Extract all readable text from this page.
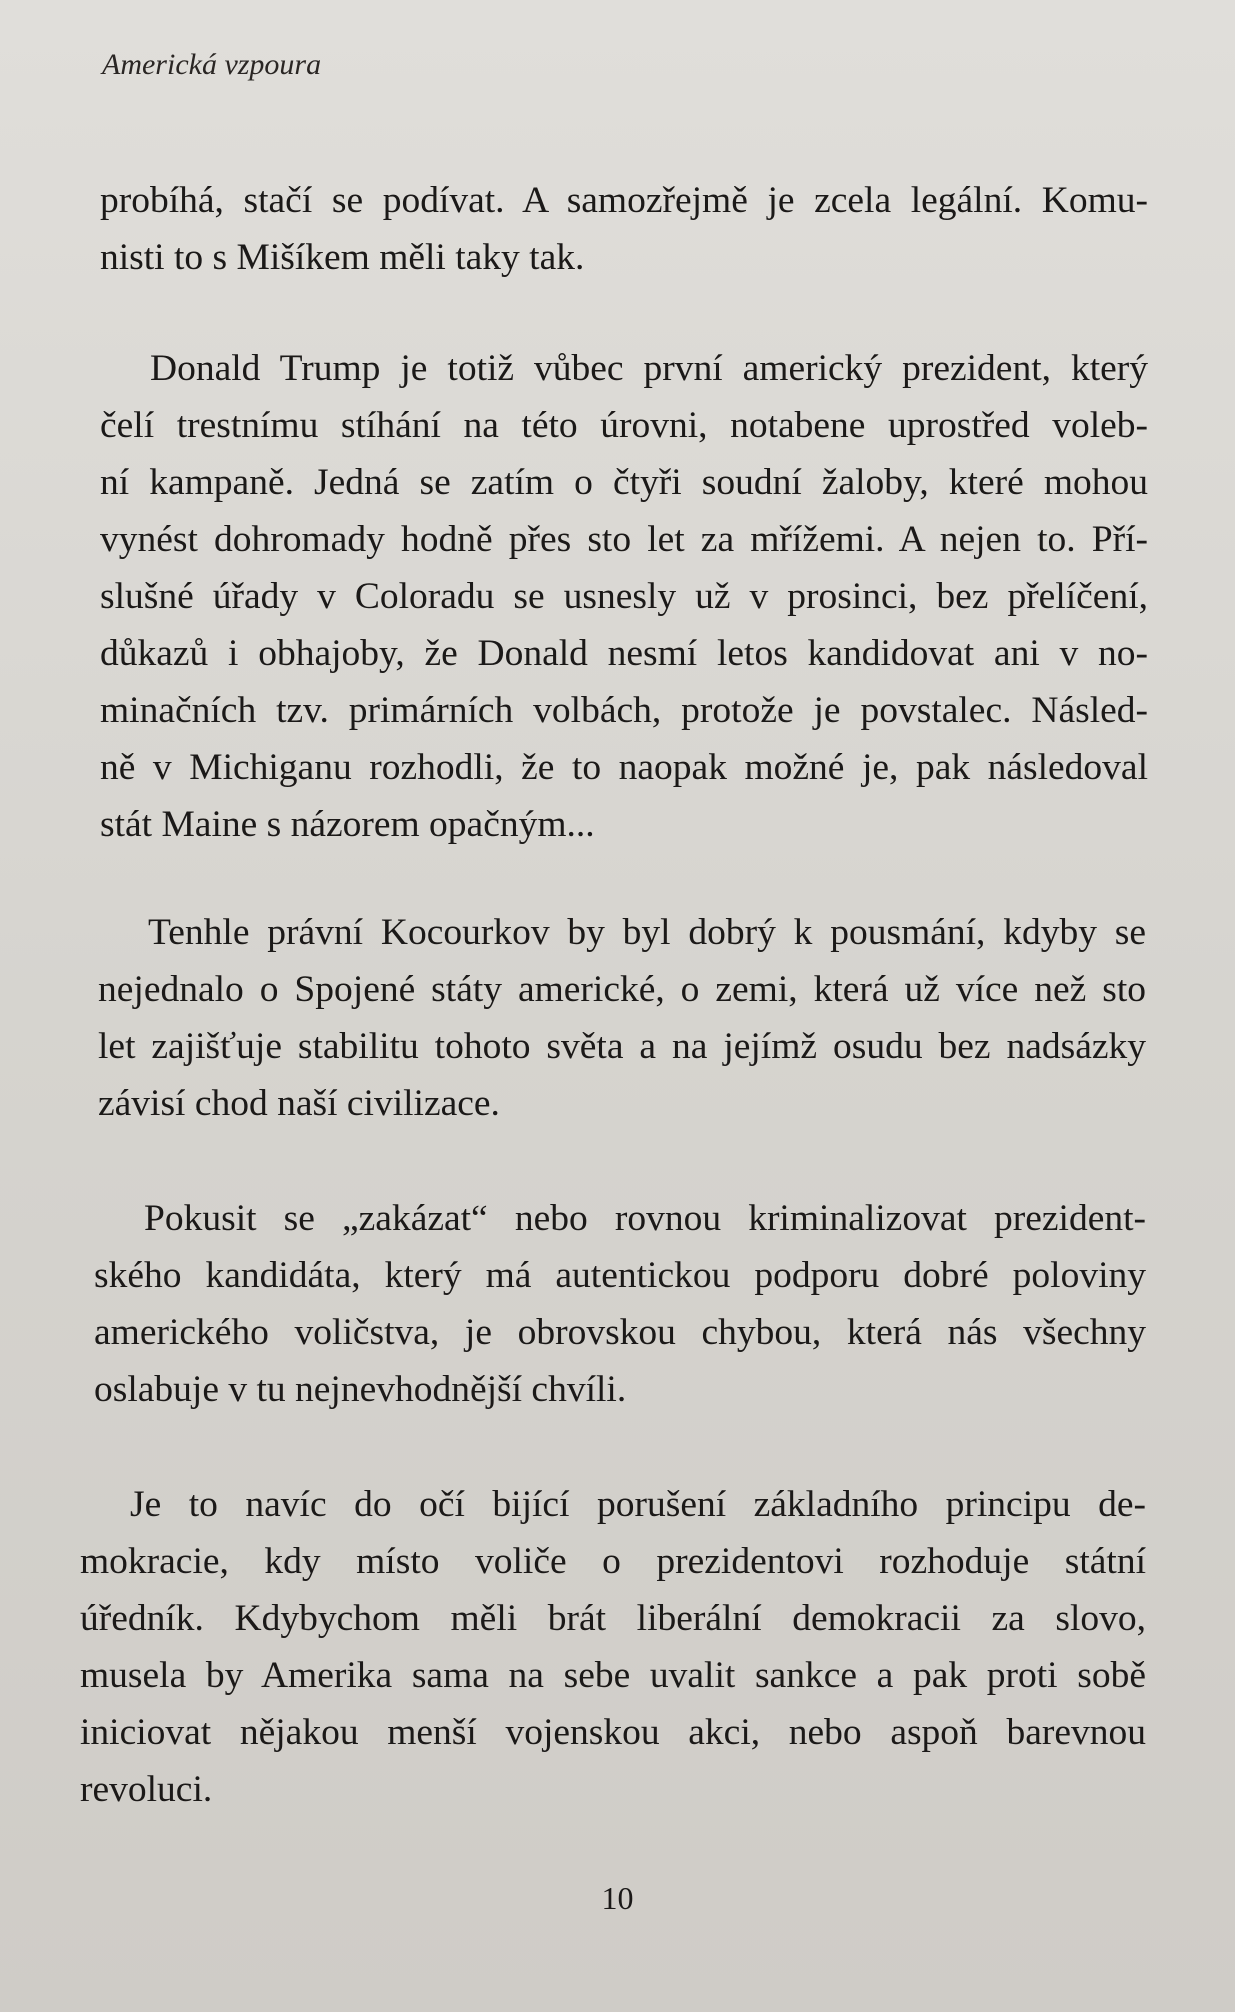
Americká vzpoura
probíhá, stačí se podívat. A samozřejmě je zcela legální. Komu-
nisti to s Mišíkem měli taky tak.
Donald Trump je totiž vůbec první americký prezident, který
čelí trestnímu stíhání na této úrovni, notabene uprostřed voleb-
ní kampaně. Jedná se zatím o čtyři soudní žaloby, které mohou
vynést dohromady hodně přes sto let za mřížemi. A nejen to. Pří-
slušné úřady v Coloradu se usnesly už v prosinci, bez přelíčení,
důkazů i obhajoby, že Donald nesmí letos kandidovat ani v no-
minačních tzv. primárních volbách, protože je povstalec. Násled-
ně v Michiganu rozhodli, že to naopak možné je, pak následoval
stát Maine s názorem opačným...
Tenhle právní Kocourkov by byl dobrý k pousmání, kdyby se
nejednalo o Spojené státy americké, o zemi, která už více než sto
let zajišťuje stabilitu tohoto světa a na jejímž osudu bez nadsázky
závisí chod naší civilizace.
Pokusit se „zakázat“ nebo rovnou kriminalizovat prezident-
ského kandidáta, který má autentickou podporu dobré poloviny
amerického voličstva, je obrovskou chybou, která nás všechny
oslabuje v tu nejnevhodnější chvíli.
Je to navíc do očí bijící porušení základního principu de-
mokracie, kdy místo voliče o prezidentovi rozhoduje státní
úředník. Kdybychom měli brát liberální demokracii za slovo,
musela by Amerika sama na sebe uvalit sankce a pak proti sobě
iniciovat nějakou menší vojenskou akci, nebo aspoň barevnou
revoluci.
10
